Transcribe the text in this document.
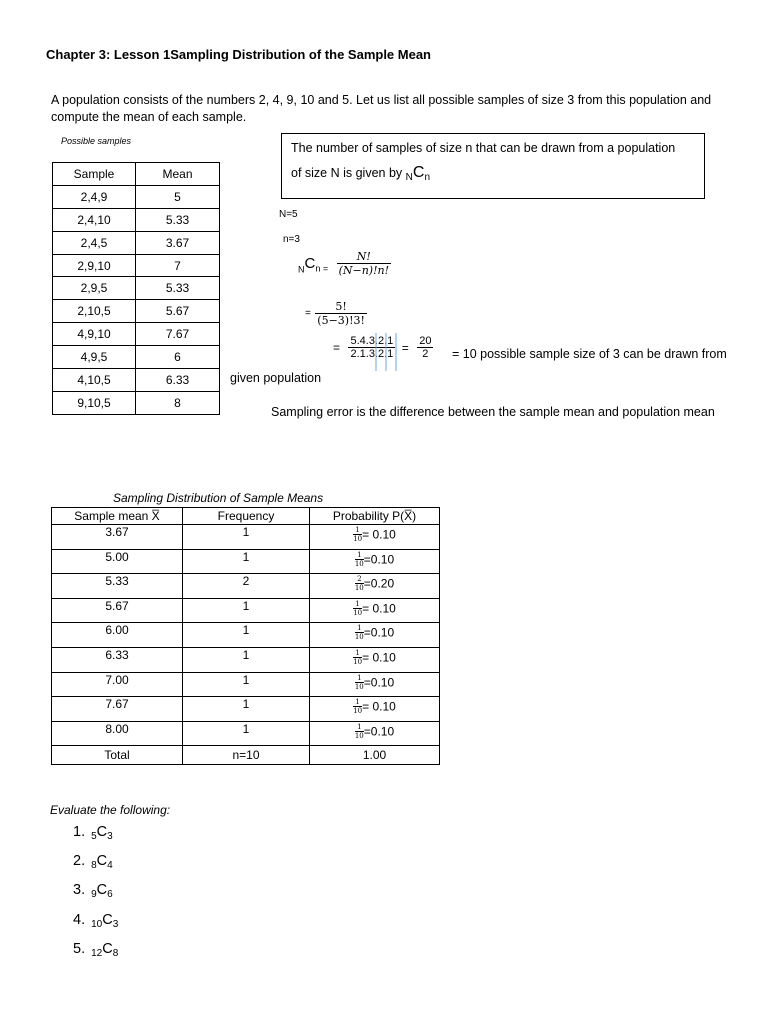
Chapter 3: Lesson 1Sampling Distribution of the Sample Mean
A population consists of the numbers 2, 4, 9, 10 and 5. Let us list all possible samples of size 3 from this population and compute the mean of each sample.
Possible samples
Sample	Mean
2,4,9	5
2,4,10	5.33
2,4,5	3.67
2,9,10	7
2,9,5	5.33
2,10,5	5.67
4,9,10	7.67
4,9,5	6
4,10,5	6.33
9,10,5	8
The number of samples of size n that can be drawn from a population
of size N is given by $_NC_n$
N=5
n=3
$_NC_{n =} \frac{N!}{(N-n)!n!}$
= $\frac{5!}{(5-3)!3!}$
= $\frac{5.4.3.2.1}{2.1.3.2.1} = \frac{20}{2} = 10$ possible sample size of 3 can be drawn from
given population
Sampling error is the difference between the sample mean and population mean
Sampling Distribution of Sample Means
Sample mean X̅	Frequency	Probability P(X̅)
3.67	1	$\frac{1}{10} = 0.10$
5.00	1	$\frac{1}{10} =0.10$
5.33	2	$\frac{2}{10} =0.20$
5.67	1	$\frac{1}{10} = 0.10$
6.00	1	$\frac{1}{10} =0.10$
6.33	1	$\frac{1}{10} = 0.10$
7.00	1	$\frac{1}{10} =0.10$
7.67	1	$\frac{1}{10} = 0.10$
8.00	1	$\frac{1}{10} =0.10$
Total	n=10	1.00
Evaluate the following:
1. $_5C_3$
2. $_8C_4$
3. $_9C_6$
4. $_{10}C_3$
5. $_{12}C_8$
